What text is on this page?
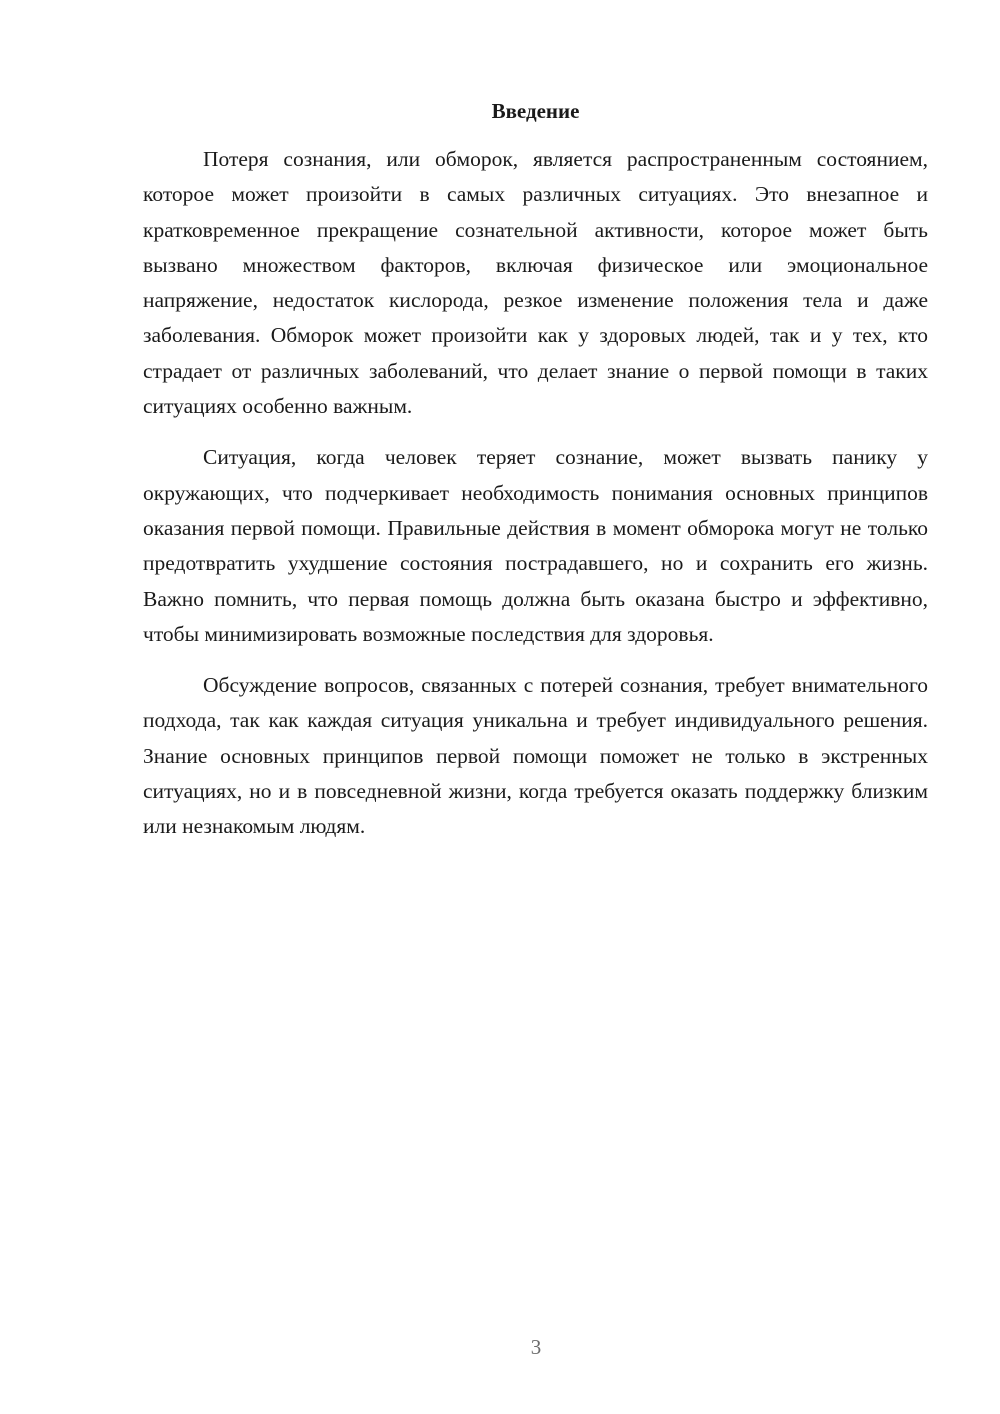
Введение

Потеря сознания, или обморок, является распространенным состоянием, которое может произойти в самых различных ситуациях. Это внезапное и кратковременное прекращение сознательной активности, которое может быть вызвано множеством факторов, включая физическое или эмоциональное напряжение, недостаток кислорода, резкое изменение положения тела и даже заболевания. Обморок может произойти как у здоровых людей, так и у тех, кто страдает от различных заболеваний, что делает знание о первой помощи в таких ситуациях особенно важным.

Ситуация, когда человек теряет сознание, может вызвать панику у окружающих, что подчеркивает необходимость понимания основных принципов оказания первой помощи. Правильные действия в момент обморока могут не только предотвратить ухудшение состояния пострадавшего, но и сохранить его жизнь. Важно помнить, что первая помощь должна быть оказана быстро и эффективно, чтобы минимизировать возможные последствия для здоровья.

Обсуждение вопросов, связанных с потерей сознания, требует внимательного подхода, так как каждая ситуация уникальна и требует индивидуального решения. Знание основных принципов первой помощи поможет не только в экстренных ситуациях, но и в повседневной жизни, когда требуется оказать поддержку близким или незнакомым людям.

3
